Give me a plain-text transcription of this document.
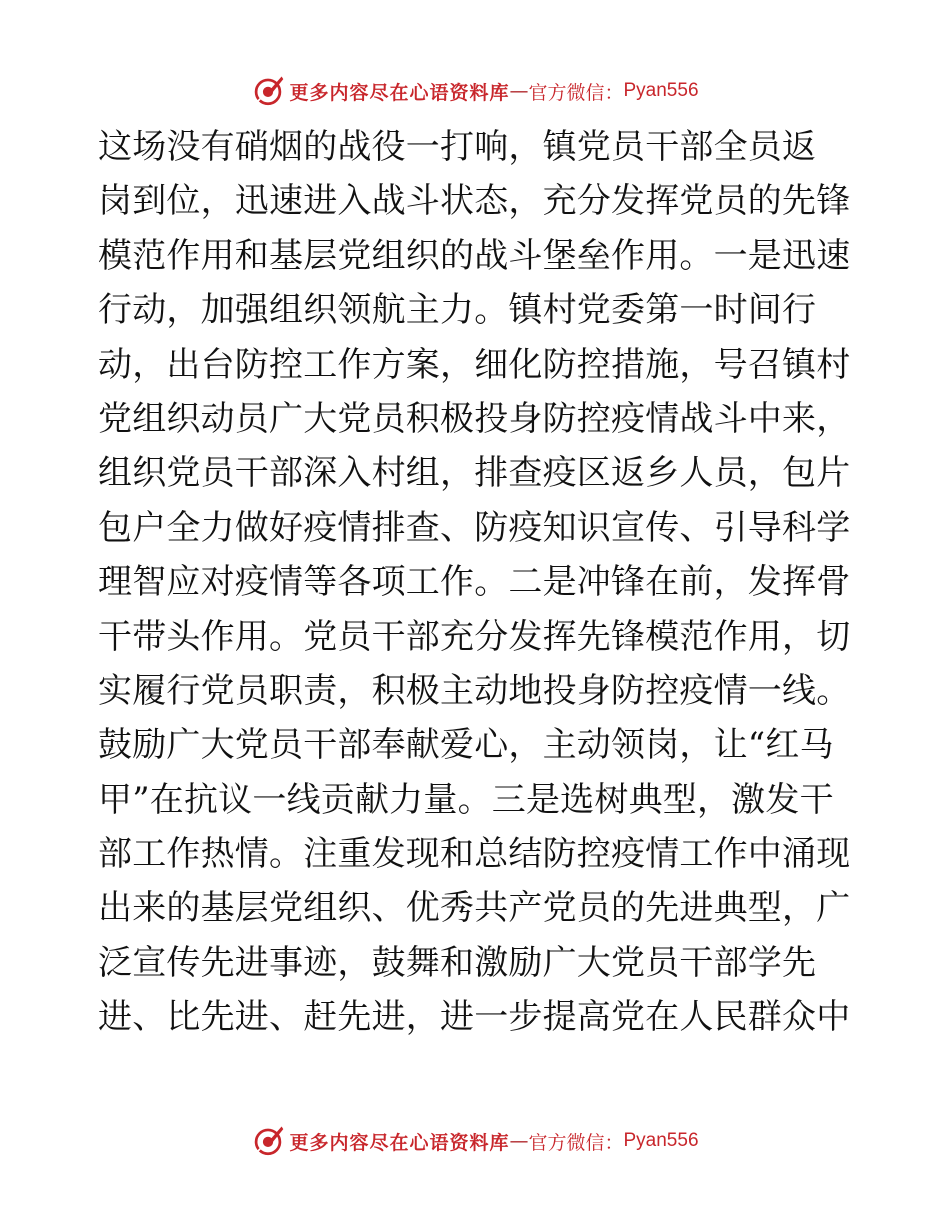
更多内容尽在心语资料库 — 官方微信： Pyan556
这场没有硝烟的战役一打响，镇党员干部全员返
岗到位，迅速进入战斗状态，充分发挥党员的先锋
模范作用和基层党组织的战斗堡垒作用。一是迅速
行动，加强组织领航主力。镇村党委第一时间行
动，出台防控工作方案，细化防控措施，号召镇村
党组织动员广大党员积极投身防控疫情战斗中来，
组织党员干部深入村组，排查疫区返乡人员，包片
包户全力做好疫情排查、防疫知识宣传、引导科学
理智应对疫情等各项工作。二是冲锋在前，发挥骨
干带头作用。党员干部充分发挥先锋模范作用，切
实履行党员职责，积极主动地投身防控疫情一线。
鼓励广大党员干部奉献爱心，主动领岗，让“红马
甲”在抗议一线贡献力量。三是选树典型，激发干
部工作热情。注重发现和总结防控疫情工作中涌现
出来的基层党组织、优秀共产党员的先进典型，广
泛宣传先进事迹，鼓舞和激励广大党员干部学先
进、比先进、赶先进，进一步提高党在人民群众中
更多内容尽在心语资料库 — 官方微信： Pyan556
